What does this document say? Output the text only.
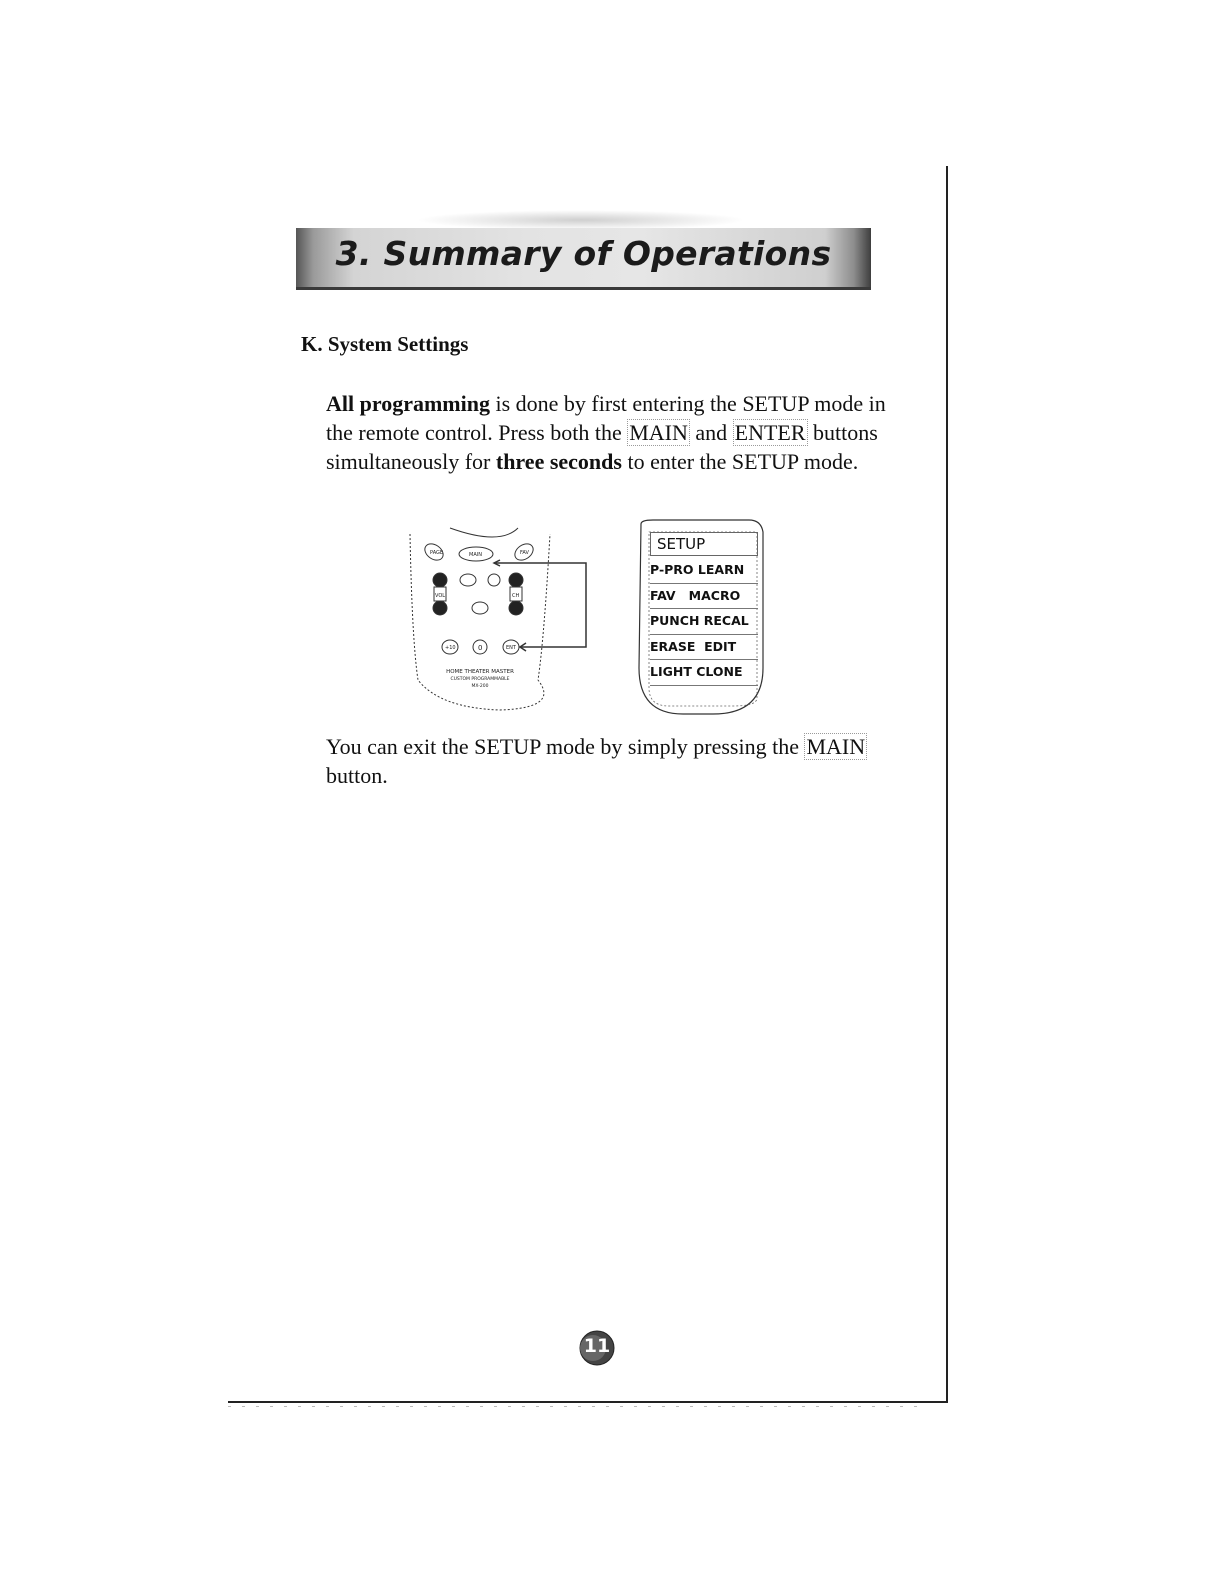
3. Summary of Operations
K. System Settings

All programming is done by first entering the SETUP mode in the remote control. Press both the MAIN and ENTER buttons simultaneously for three seconds to enter the SETUP mode.

PAGE	MAIN	FAV
VOL	CH
+10	0	ENT
HOME THEATER MASTER
CUSTOM PROGRAMMABLE
MX-200
SETUP
P-PRO LEARN
FAV   MACRO
PUNCH RECAL
ERASE  EDIT
LIGHT CLONE

You can exit the SETUP mode by simply pressing the MAIN button.

11
